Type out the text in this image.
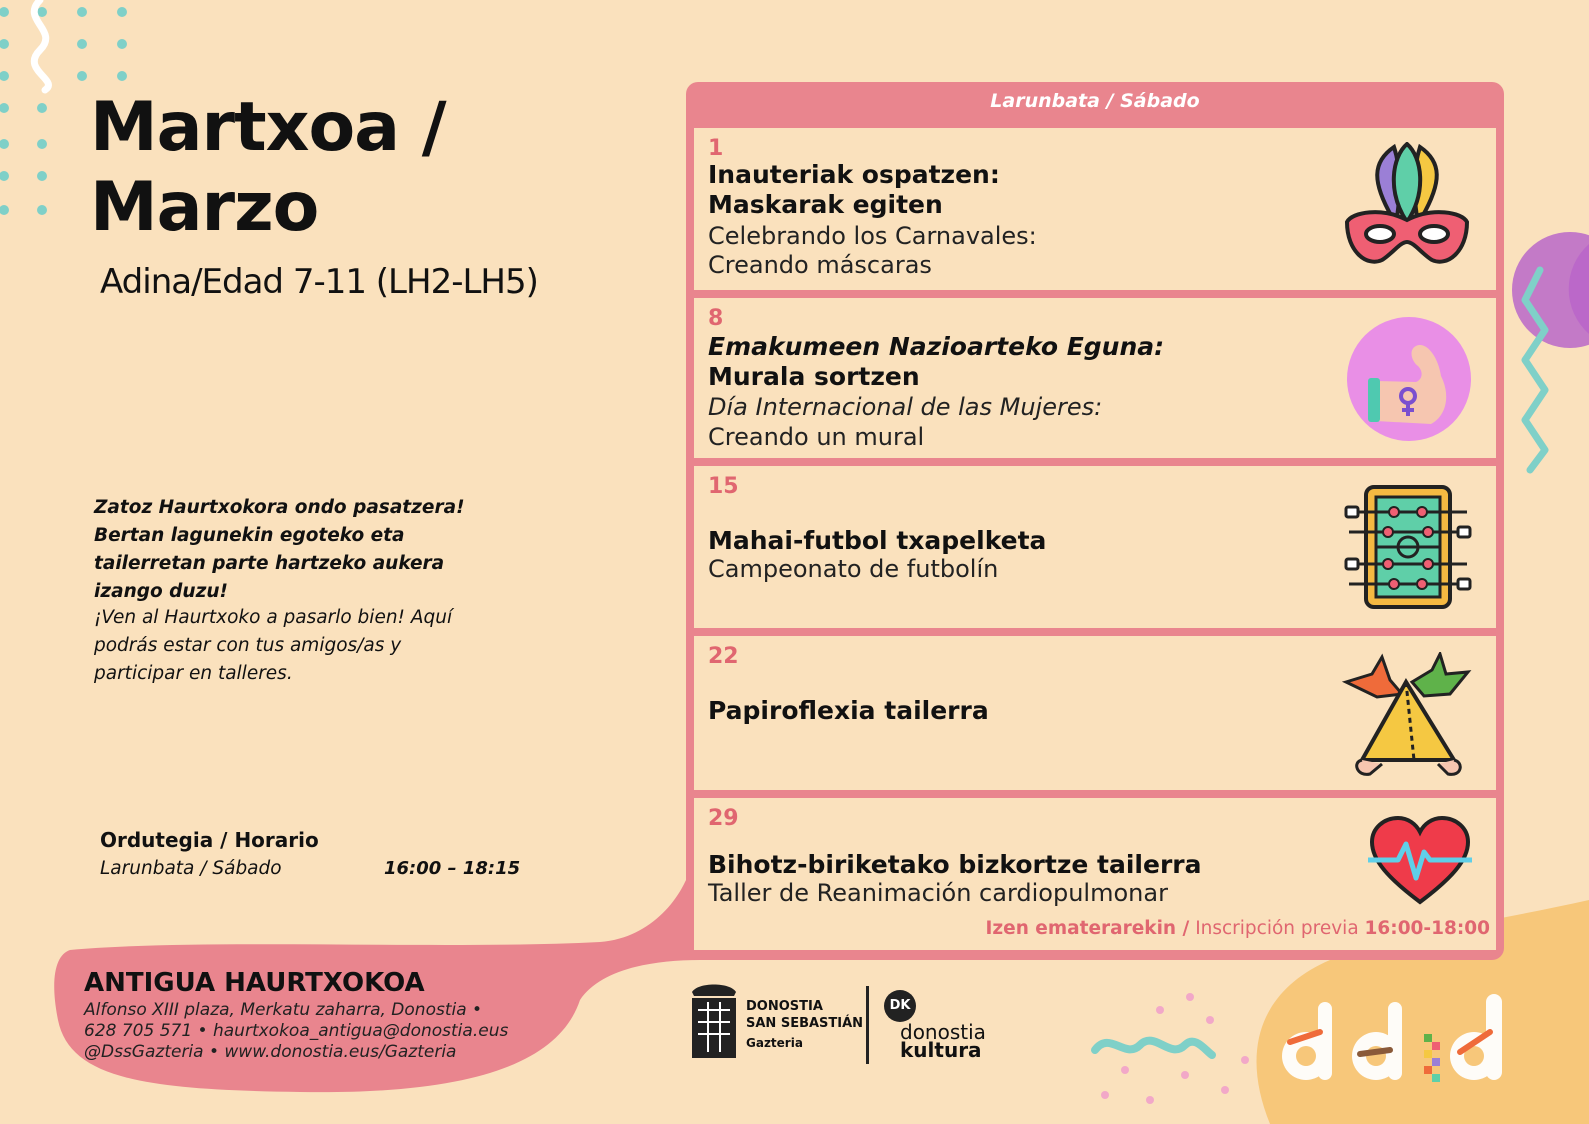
Martxoa /
Marzo
Adina/Edad 7-11 (LH2-LH5)
Zatoz Haurtxokora ondo pasatzera! Bertan lagunekin egoteko eta tailerretan parte hartzeko aukera izango duzu!
¡Ven al Haurtxoko a pasarlo bien! Aquí podrás estar con tus amigos/as y participar en talleres.
Ordutegia / Horario
Larunbata / Sábado	16:00 – 18:15
ANTIGUA HAURTXOKOA
Alfonso XIII plaza, Merkatu zaharra, Donostia •
628 705 571 • haurtxokoa_antigua@donostia.eus
@DssGazteria • www.donostia.eus/Gazteria
Larunbata / Sábado
1
Inauteriak ospatzen:
Maskarak egiten
Celebrando los Carnavales:
Creando máscaras
8
Emakumeen Nazioarteko Eguna:
Murala sortzen
Día Internacional de las Mujeres:
Creando un mural
15
Mahai-futbol txapelketa
Campeonato de futbolín
22
Papiroflexia tailerra
29
Bihotz-biriketako bizkortze tailerra
Taller de Reanimación cardiopulmonar
Izen ematerarekin / Inscripción previa 16:00-18:00
DONOSTIA
SAN SEBASTIÁN
Gazteria
DK
donostia
kultura
